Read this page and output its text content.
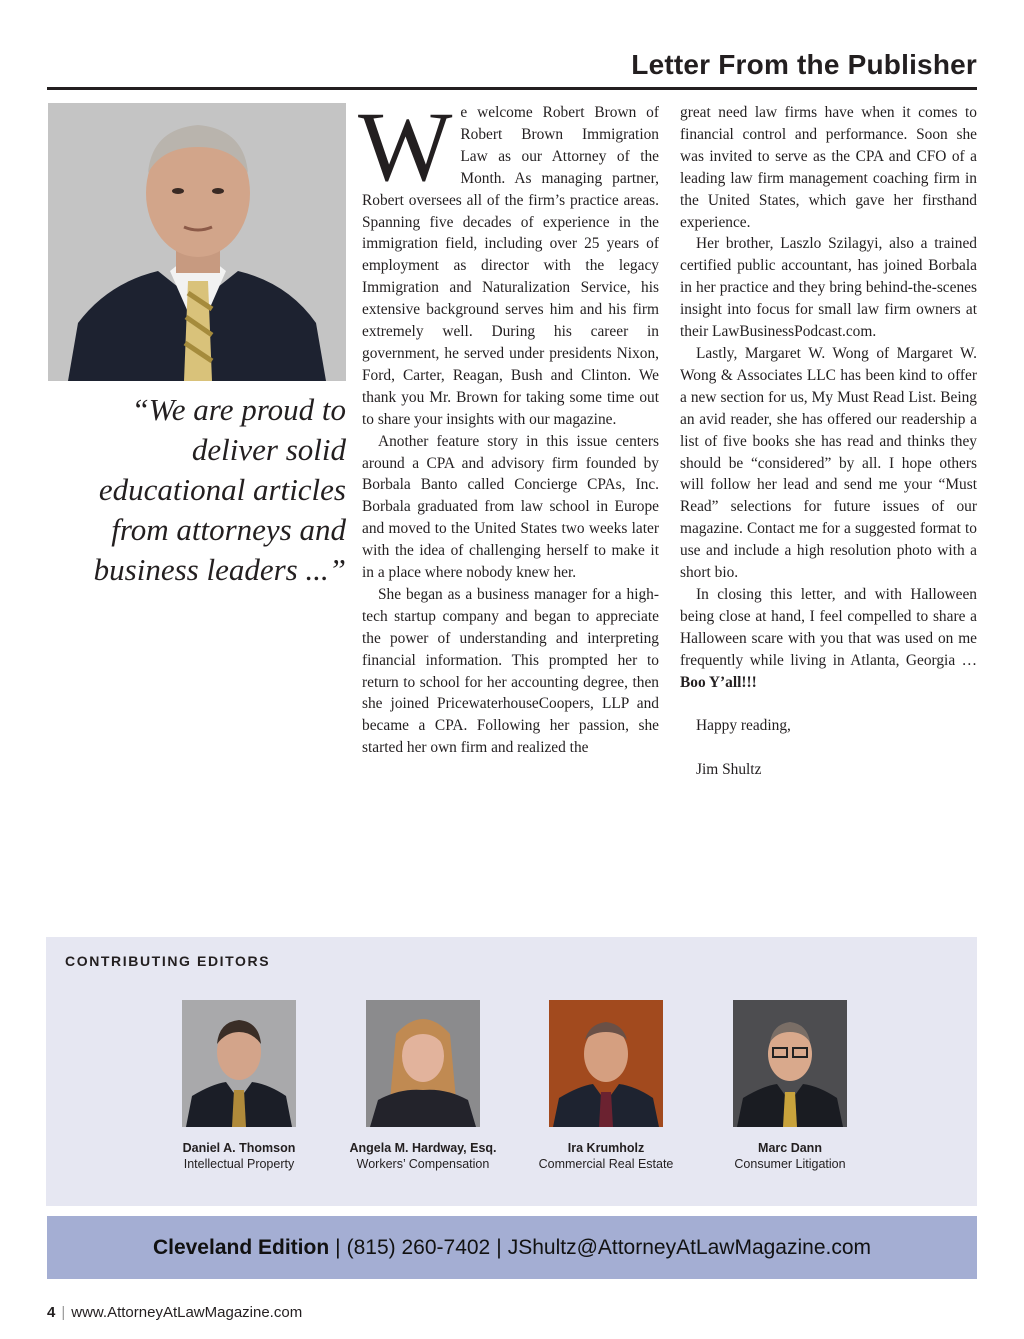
Letter From the Publisher

“We are proud to deliver solid educational articles from attorneys and business leaders ...”

We welcome Robert Brown of Robert Brown Immigration Law as our Attorney of the Month. As managing partner, Robert oversees all of the firm’s practice areas. Spanning five decades of experience in the immigration field, including over 25 years of employment as director with the legacy Immigration and Naturalization Service, his extensive background serves him and his firm extremely well. During his career in government, he served under presidents Nixon, Ford, Carter, Reagan, Bush and Clinton. We thank you Mr. Brown for taking some time out to share your insights with our magazine.

Another feature story in this issue centers around a CPA and advisory firm founded by Borbala Banto called Concierge CPAs, Inc. Borbala graduated from law school in Europe and moved to the United States two weeks later with the idea of challenging herself to make it in a place where nobody knew her.

She began as a business manager for a high-tech startup company and began to appreciate the power of understanding and interpreting financial information. This prompted her to return to school for her accounting degree, then she joined PricewaterhouseCoopers, LLP and became a CPA. Following her passion, she started her own firm and realized the

great need law firms have when it comes to financial control and performance. Soon she was invited to serve as the CPA and CFO of a leading law firm management coaching firm in the United States, which gave her firsthand experience.

Her brother, Laszlo Szilagyi, also a trained certified public accountant, has joined Borbala in her practice and they bring behind-the-scenes insight into focus for small law firm owners at their LawBusinessPodcast.com.

Lastly, Margaret W. Wong of Margaret W. Wong & Associates LLC has been kind to offer a new section for us, My Must Read List. Being an avid reader, she has offered our readership a list of five books she has read and thinks they should be “considered” by all. I hope others will follow her lead and send me your “Must Read” selections for future issues of our magazine. Contact me for a suggested format to use and include a high resolution photo with a short bio.

In closing this letter, and with Halloween being close at hand, I feel compelled to share a Halloween scare with you that was used on me frequently while living in Atlanta, Georgia … Boo Y’all!!!

Happy reading,

Jim Shultz

CONTRIBUTING EDITORS
Daniel A. Thomson
Intellectual Property
Angela M. Hardway, Esq.
Workers’ Compensation
Ira Krumholz
Commercial Real Estate
Marc Dann
Consumer Litigation
Cleveland Edition | (815) 260-7402 | JShultz@AttorneyAtLawMagazine.com
4 | www.AttorneyAtLawMagazine.com
